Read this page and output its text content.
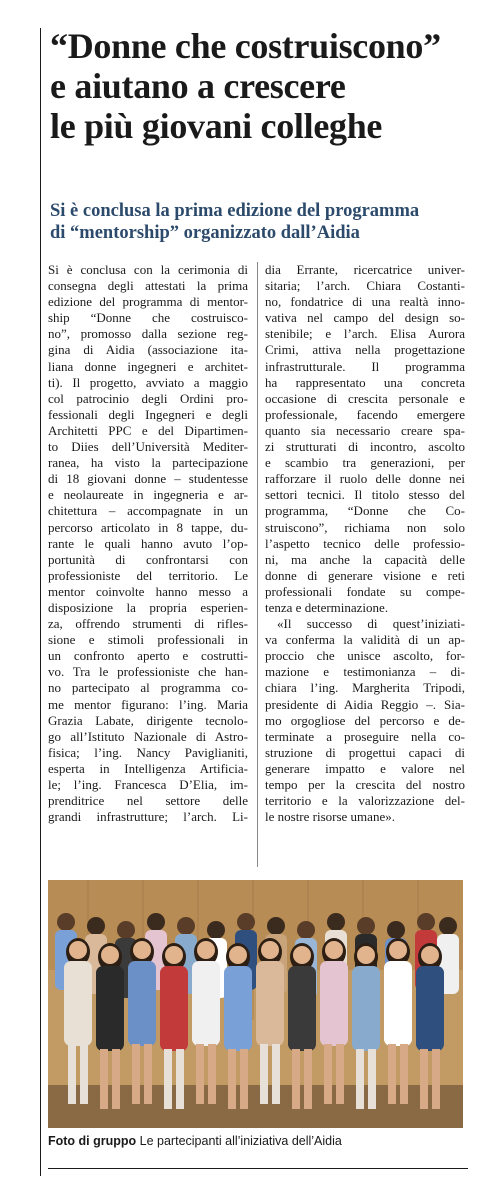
“Donne che costruiscono”
e aiutano a crescere
le più giovani colleghe
Si è conclusa la prima edizione del programma
di “mentorship” organizzato dall’Aidia
Si è conclusa con la cerimonia di
consegna degli attestati la prima
edizione del programma di mentor-
ship “Donne che costruisco-
no”, promosso dalla sezione reg-
gina di Aidia (associazione ita-
liana donne ingegneri e architet-
ti). Il progetto, avviato a maggio
col patrocinio degli Ordini pro-
fessionali degli Ingegneri e degli
Architetti PPC e del Dipartimen-
to Diies dell’Università Mediter-
ranea, ha visto la partecipazione
di 18 giovani donne – studentesse
e neolaureate in ingegneria e ar-
chitettura – accompagnate in un
percorso articolato in 8 tappe, du-
rante le quali hanno avuto l’op-
portunità di confrontarsi con
professioniste del territorio. Le
mentor coinvolte hanno messo a
disposizione la propria esperien-
za, offrendo strumenti di rifles-
sione e stimoli professionali in
un confronto aperto e costrutti-
vo. Tra le professioniste che han-
no partecipato al programma co-
me mentor figurano: l’ing. Maria
Grazia Labate, dirigente tecnolo-
go all’Istituto Nazionale di Astro-
fisica; l’ing. Nancy Paviglianiti,
esperta in Intelligenza Artificia-
le; l’ing. Francesca D’Elia, im-
prenditrice nel settore delle
grandi infrastrutture; l’arch. Li-
dia Errante, ricercatrice univer-
sitaria; l’arch. Chiara Costanti-
no, fondatrice di una realtà inno-
vativa nel campo del design so-
stenibile; e l’arch. Elisa Aurora
Crimi, attiva nella progettazione
infrastrutturale. Il programma
ha rappresentato una concreta
occasione di crescita personale e
professionale, facendo emergere
quanto sia necessario creare spa-
zi strutturati di incontro, ascolto
e scambio tra generazioni, per
rafforzare il ruolo delle donne nei
settori tecnici. Il titolo stesso del
programma, “Donne che Co-
struiscono”, richiama non solo
l’aspetto tecnico delle professio-
ni, ma anche la capacità delle
donne di generare visione e reti
professionali fondate su compe-
tenza e determinazione.
«Il successo di quest’iniziati-
va conferma la validità di un ap-
proccio che unisce ascolto, for-
mazione e testimonianza – di-
chiara l’ing. Margherita Tripodi,
presidente di Aidia Reggio –. Sia-
mo orgogliose del percorso e de-
terminate a proseguire nella co-
struzione di progettui capaci di
generare impatto e valore nel
tempo per la crescita del nostro
territorio e la valorizzazione del-
le nostre risorse umane».

Foto di gruppo Le partecipanti all’iniziativa dell’Aidia
